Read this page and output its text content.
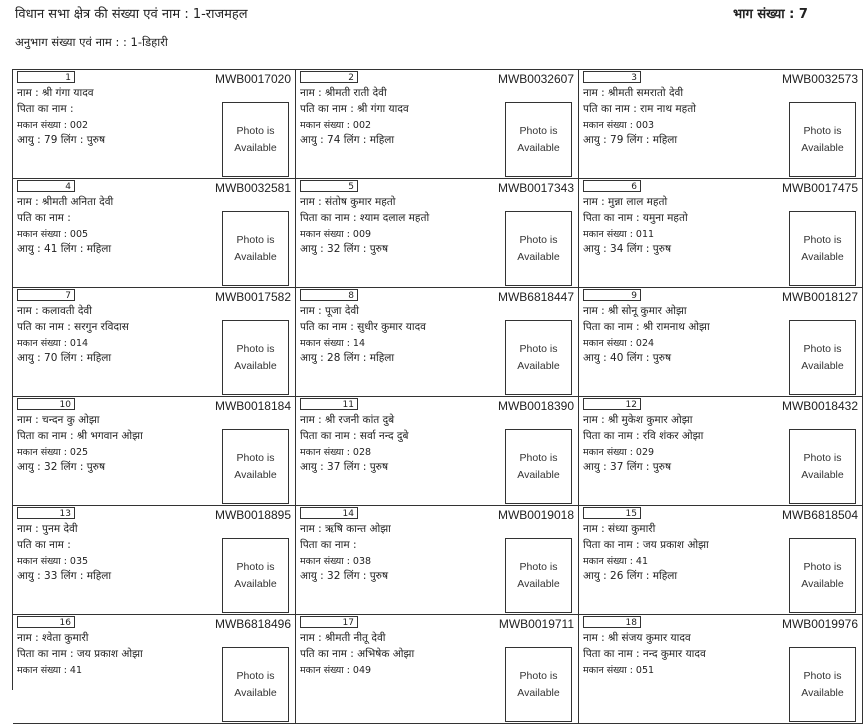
विधान सभा क्षेत्र की संख्या एवं नाम : 1-राजमहल	भाग संख्या : 7
अनुभाग संख्या एवं नाम : : 1-डिहारी
1	MWB0017020
नाम : श्री गंगा यादव
पिता का नाम :
मकान संख्या : 002
आयु : 79 लिंग : पुरुष
Photo is
Available
2	MWB0032607
नाम : श्रीमती राती देवी
पति का नाम : श्री गंगा यादव
मकान संख्या : 002
आयु : 74 लिंग : महिला
Photo is
Available
3	MWB0032573
नाम : श्रीमती समरातो देवी
पति का नाम : राम नाथ महतो
मकान संख्या : 003
आयु : 79 लिंग : महिला
Photo is
Available
4	MWB0032581
नाम : श्रीमती अनिता देवी
पति का नाम :
मकान संख्या : 005
आयु : 41 लिंग : महिला
Photo is
Available
5	MWB0017343
नाम : संतोष कुमार महतो
पिता का नाम : श्याम दलाल महतो
मकान संख्या : 009
आयु : 32 लिंग : पुरुष
Photo is
Available
6	MWB0017475
नाम : मुन्ना लाल महतो
पिता का नाम : यमुना महतो
मकान संख्या : 011
आयु : 34 लिंग : पुरुष
Photo is
Available
7	MWB0017582
नाम : कलावती देवी
पति का नाम : सरगुन रविदास
मकान संख्या : 014
आयु : 70 लिंग : महिला
Photo is
Available
8	MWB6818447
नाम : पूजा देवी
पति का नाम : सुधीर कुमार यादव
मकान संख्या : 14
आयु : 28 लिंग : महिला
Photo is
Available
9	MWB0018127
नाम : श्री सोनू कुमार ओझा
पिता का नाम : श्री रामनाथ ओझा
मकान संख्या : 024
आयु : 40 लिंग : पुरुष
Photo is
Available
10	MWB0018184
नाम : चन्दन कु ओझा
पिता का नाम : श्री भगवान ओझा
मकान संख्या : 025
आयु : 32 लिंग : पुरुष
Photo is
Available
11	MWB0018390
नाम : श्री रजनी कांत दुबे
पिता का नाम : सर्वा नन्द दुबे
मकान संख्या : 028
आयु : 37 लिंग : पुरुष
Photo is
Available
12	MWB0018432
नाम : श्री मुकेश कुमार ओझा
पिता का नाम : रवि शंकर ओझा
मकान संख्या : 029
आयु : 37 लिंग : पुरुष
Photo is
Available
13	MWB0018895
नाम : पुनम देवी
पति का नाम :
मकान संख्या : 035
आयु : 33 लिंग : महिला
Photo is
Available
14	MWB0019018
नाम : ऋषि कान्त ओझा
पिता का नाम :
मकान संख्या : 038
आयु : 32 लिंग : पुरुष
Photo is
Available
15	MWB6818504
नाम : संध्या कुमारी
पिता का नाम : जय प्रकाश ओझा
मकान संख्या : 41
आयु : 26 लिंग : महिला
Photo is
Available
16	MWB6818496
नाम : श्वेता कुमारी
पिता का नाम : जय प्रकाश ओझा
मकान संख्या : 41	Photo is
Available
17	MWB0019711
नाम : श्रीमती नीतू देवी
पति का नाम : अभिषेक ओझा
मकान संख्या : 049	Photo is
Available
18	MWB0019976
नाम : श्री संजय कुमार यादव
पिता का नाम : नन्द कुमार यादव
मकान संख्या : 051	Photo is
Available
